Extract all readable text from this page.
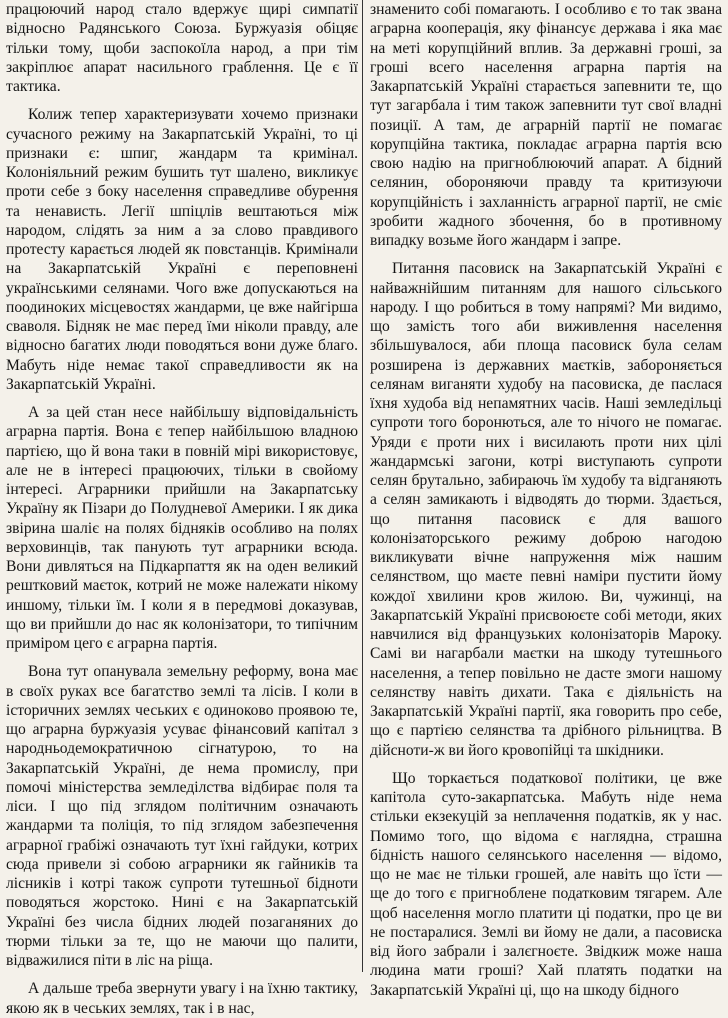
працюючий народ стало вдержує щирі симпатії відносно Радянського Союза. Буржуазія обіцяє тільки тому, щоби заспокоїла народ, а при тім закріплює апарат насильного граблення. Це є її тактика.

Колиж тепер характеризувати хочемо признаки сучасного режиму на Закарпатській Україні, то ці признаки є: шпиг, жандарм та кримінал. Колоніяльний режим бушить тут шалено, викликує проти себе з боку населення справедливе обурення та ненависть. Легії шпіцлів вештаються між народом, слідять за ним а за слово правдивого протесту карається людей як повстанців. Кримінали на Закарпатській Україні є переповнені українськими селянами. Чого вже допускаються на поодиноких місцевостях жандарми, це вже найгірша сваволя. Бідняк не має перед їми ніколи правду, але відносно багатих люди поводяться вони дуже благо. Мабуть ніде немає такої справедливости як на Закарпатській Україні.

А за цей стан несе найбільшу відповідальність аграрна партія. Вона є тепер найбільшою владною партією, що й вона таки в повній мірі використовує, але не в інтересі працюючих, тільки в свойому інтересі. Аграрники прийшли на Закарпатську Україну як Пізари до Полудневої Америки. І як дика звірина шаліє на полях бідняків особливо на полях верховинців, так панують тут аграрники всюда. Вони дивляться на Підкарпаття як на оден великий рештковий маєток, котрий не може належати нікому иншому, тільки їм. І коли я в передмові доказував, що ви прийшли до нас як колонізатори, то типічним приміром цего є аграрна партія.

Вона тут опанувала земельну реформу, вона має в своїх руках все багатство землі та лісів. І коли в історичних землях чеських є одиноково проявою те, що аграрна буржуазія усуває фінансовий капітал з народньодемократичною сігнатурою, то на Закарпатській Україні, де нема промислу, при помочі міністерства земледілства відбирає поля та ліси. І що під зглядом політичним означають жандарми та поліція, то під зглядом забезпечення аграрної грабіжі означають тут їхні гайдуки, котрих сюда привели зі собою аграрники як гайників та лісників і котрі також супроти тутешньої бідноти поводяться жорстоко. Нині є на Закарпатській Україні без числа бідних людей позаганяних до тюрми тільки за те, що не маючи що палити, відважилися піти в ліс на ріща.

А дальше треба звернути увагу і на їхню тактику, якою як в чеських землях, так і в нас,

знаменито собі помагають. І особливо є то так звана аграрна кооперація, яку фінансує держава і яка має на меті корупційний вплив. За державні гроші, за гроші всего населення аграрна партія на Закарпатській Україні старається запевнити те, що тут загарбала і тим також запевнити тут свої владні позиції. А там, де аграрній партії не помагає корупційна тактика, покладає аграрна партія всю свою надію на пригноблюючий апарат. А бідний селянин, обороняючи правду та критизуючи корупційність і захланність аграрної партії, не сміє зробити жадного збочення, бо в противному випадку возьме його жандарм і запре.

Питання пасовиск на Закарпатській Україні є найважнійшим питанням для нашого сільського народу. І що робиться в тому напрямі? Ми видимо, що замість того аби виживлення населення збільшувалося, аби площа пасовиск була селам розширена із державних маєтків, забороняється селянам виганяти худобу на пасовиска, де паслася їхня худоба від непамятних часів. Наші земледільці супроти того боронються, але то нічого не помагає. Уряди є проти них і висилають проти них цілі жандармські загони, котрі виступають супроти селян брутально, забираючь їм худобу та відганяють а селян замикають і відводять до тюрми. Здається, що питання пасовиск є для вашого колонізаторського режиму доброю нагодою викликувати вічне напруження між нашим селянством, що маєте певні наміри пустити йому кождої хвилини кров жилою. Ви, чужинці, на Закарпатській Україні присвоюєте собі методи, яких навчилися від французьких колонізаторів Мароку. Самі ви нагарбали маєтки на шкоду тутешнього населення, а тепер повільно не дасте змоги нашому селянству навіть дихати. Така є діяльність на Закарпатській Україні партії, яка говорить про себе, що є партією селянства та дрібного рільництва. В дійсноти-ж ви його кровопійці та шкідники.

Що торкається податкової політики, це вже капітола суто-закарпатська. Мабуть ніде нема стільки екзекуцій за неплачення податків, як у нас. Помимо того, що відома є наглядна, страшна бідність нашого селянського населення — відомо, що не має не тільки грошей, але навіть що їсти — ще до того є пригноблене податковим тягарем. Але щоб населення могло платити ці податки, про це ви не постаралися. Землі ви йому не дали, а пасовиска від його забрали і залєгноєте. Звідкиж може наша людина мати гроші? Хай платять податки на Закарпатській Україні ці, що на шкоду бідного
